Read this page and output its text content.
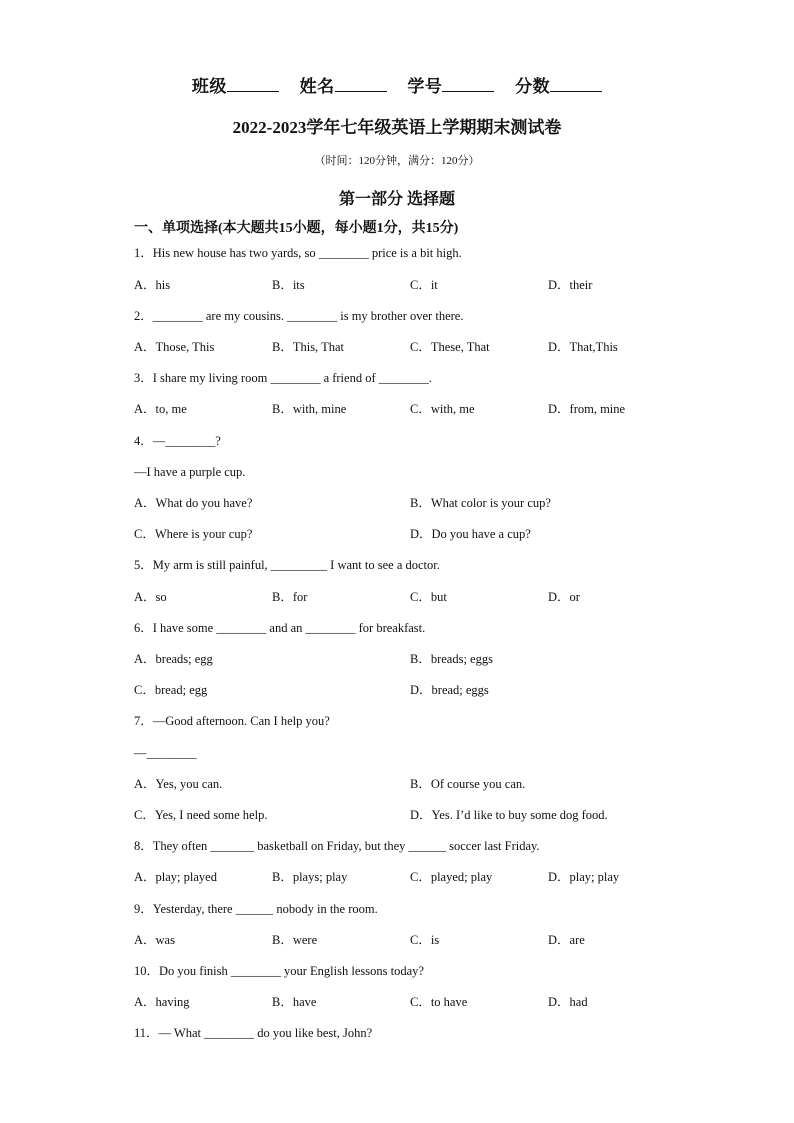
班级	姓名	学号	分数
2022-2023学年七年级英语上学期期末测试卷
（时间：120分钟，满分：120分）
第一部分 选择题
一、单项选择(本大题共15小题，每小题1分，共15分)
1．His new house has two yards, so ________ price is a bit high.
A．his	B．its	C．it	D．their
2．________ are my cousins. ________ is my brother over there.
A．Those, This	B．This, That	C．These, That	D．That,This
3．I share my living room ________ a friend of ________.
A．to, me	B．with, mine	C．with, me	D．from, mine
4．—________?
—I have a purple cup.
A．What do you have?	B．What color is your cup?
C．Where is your cup?	D．Do you have a cup?
5．My arm is still painful, _________ I want to see a doctor.
A．so	B．for	C．but	D．or
6．I have some ________ and an ________ for breakfast.
A．breads; egg	B．breads; eggs
C．bread; egg	D．bread; eggs
7．—Good afternoon. Can I help you?
—________
A．Yes, you can.	B．Of course you can.
C．Yes, I need some help.	D．Yes. I’d like to buy some dog food.
8．They often _______ basketball on Friday, but they ______ soccer last Friday.
A．play; played	B．plays; play	C．played; play	D．play; play
9．Yesterday, there ______ nobody in the room.
A．was	B．were	C．is	D．are
10．Do you finish ________ your English lessons today?
A．having	B．have	C．to have	D．had
11．— What ________ do you like best, John?
